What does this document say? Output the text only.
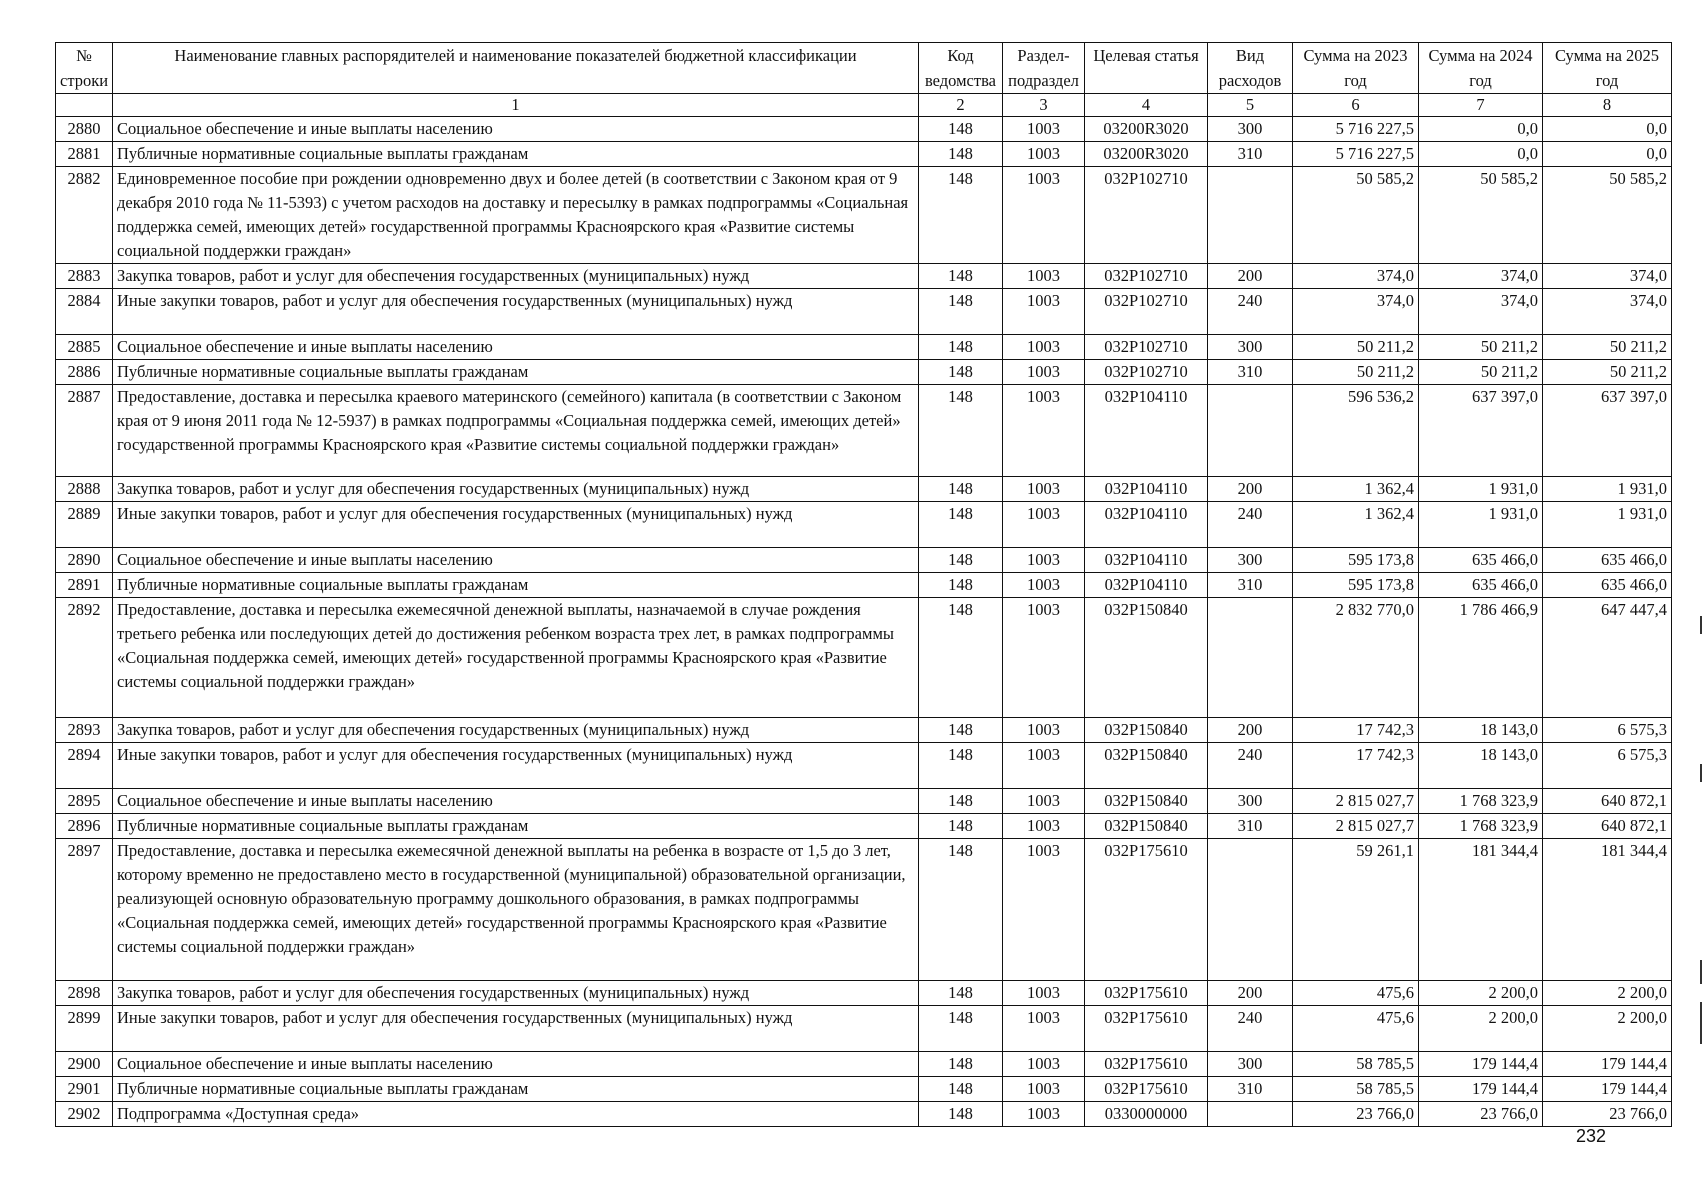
№ строки	Наименование главных распорядителей и наименование показателей бюджетной классификации	Код ведомства	Раздел-подраздел	Целевая статья	Вид расходов	Сумма на 2023 год	Сумма на 2024 год	Сумма на 2025 год
	1	2	3	4	5	6	7	8
2880	Социальное обеспечение и иные выплаты населению	148	1003	03200R3020	300	5 716 227,5	0,0	0,0
2881	Публичные нормативные социальные выплаты гражданам	148	1003	03200R3020	310	5 716 227,5	0,0	0,0
2882	Единовременное пособие при рождении одновременно двух и более детей (в соответствии с Законом края от 9 декабря 2010 года № 11-5393) с учетом расходов на доставку и пересылку в рамках подпрограммы «Социальная поддержка семей, имеющих детей» государственной программы Красноярского края «Развитие системы социальной поддержки граждан»	148	1003	032P102710		50 585,2	50 585,2	50 585,2
2883	Закупка товаров, работ и услуг для обеспечения государственных (муниципальных) нужд	148	1003	032P102710	200	374,0	374,0	374,0
2884	Иные закупки товаров, работ и услуг для обеспечения государственных (муниципальных) нужд	148	1003	032P102710	240	374,0	374,0	374,0
2885	Социальное обеспечение и иные выплаты населению	148	1003	032P102710	300	50 211,2	50 211,2	50 211,2
2886	Публичные нормативные социальные выплаты гражданам	148	1003	032P102710	310	50 211,2	50 211,2	50 211,2
2887	Предоставление, доставка и пересылка краевого материнского (семейного) капитала (в соответствии с Законом края от 9 июня 2011 года № 12-5937) в рамках подпрограммы «Социальная поддержка семей, имеющих детей» государственной программы Красноярского края «Развитие системы социальной поддержки граждан»	148	1003	032P104110		596 536,2	637 397,0	637 397,0
2888	Закупка товаров, работ и услуг для обеспечения государственных (муниципальных) нужд	148	1003	032P104110	200	1 362,4	1 931,0	1 931,0
2889	Иные закупки товаров, работ и услуг для обеспечения государственных (муниципальных) нужд	148	1003	032P104110	240	1 362,4	1 931,0	1 931,0
2890	Социальное обеспечение и иные выплаты населению	148	1003	032P104110	300	595 173,8	635 466,0	635 466,0
2891	Публичные нормативные социальные выплаты гражданам	148	1003	032P104110	310	595 173,8	635 466,0	635 466,0
2892	Предоставление, доставка и пересылка ежемесячной денежной выплаты, назначаемой в случае рождения третьего ребенка или последующих детей до достижения ребенком возраста трех лет, в рамках подпрограммы «Социальная поддержка семей, имеющих детей» государственной программы Красноярского края «Развитие системы социальной поддержки граждан»	148	1003	032P150840		2 832 770,0	1 786 466,9	647 447,4
2893	Закупка товаров, работ и услуг для обеспечения государственных (муниципальных) нужд	148	1003	032P150840	200	17 742,3	18 143,0	6 575,3
2894	Иные закупки товаров, работ и услуг для обеспечения государственных (муниципальных) нужд	148	1003	032P150840	240	17 742,3	18 143,0	6 575,3
2895	Социальное обеспечение и иные выплаты населению	148	1003	032P150840	300	2 815 027,7	1 768 323,9	640 872,1
2896	Публичные нормативные социальные выплаты гражданам	148	1003	032P150840	310	2 815 027,7	1 768 323,9	640 872,1
2897	Предоставление, доставка и пересылка ежемесячной денежной выплаты на ребенка в возрасте от 1,5 до 3 лет, которому временно не предоставлено место в государственной (муниципальной) образовательной организации, реализующей основную образовательную программу дошкольного образования, в рамках подпрограммы «Социальная поддержка семей, имеющих детей» государственной программы Красноярского края «Развитие системы социальной поддержки граждан»	148	1003	032P175610		59 261,1	181 344,4	181 344,4
2898	Закупка товаров, работ и услуг для обеспечения государственных (муниципальных) нужд	148	1003	032P175610	200	475,6	2 200,0	2 200,0
2899	Иные закупки товаров, работ и услуг для обеспечения государственных (муниципальных) нужд	148	1003	032P175610	240	475,6	2 200,0	2 200,0
2900	Социальное обеспечение и иные выплаты населению	148	1003	032P175610	300	58 785,5	179 144,4	179 144,4
2901	Публичные нормативные социальные выплаты гражданам	148	1003	032P175610	310	58 785,5	179 144,4	179 144,4
2902	Подпрограмма «Доступная среда»	148	1003	0330000000		23 766,0	23 766,0	23 766,0
232
